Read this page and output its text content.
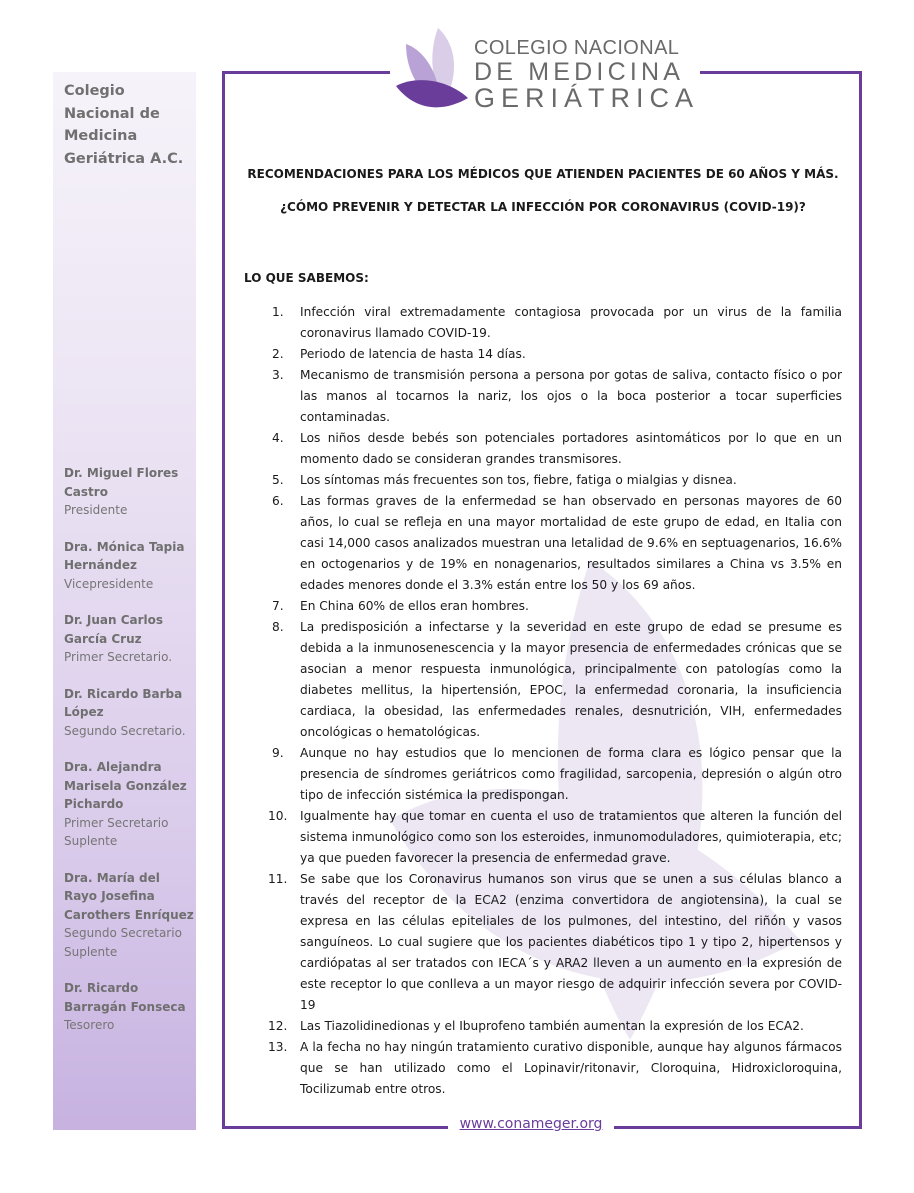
Colegio Nacional de Medicina Geriátrica A.C.
Dr. Miguel Flores Castro
Presidente
Dra. Mónica Tapia Hernández
Vicepresidente
Dr. Juan Carlos García Cruz
Primer Secretario.
Dr. Ricardo Barba López
Segundo Secretario.
Dra. Alejandra Marisela González Pichardo
Primer Secretario Suplente
Dra. María del Rayo Josefina Carothers Enríquez
Segundo Secretario Suplente
Dr. Ricardo Barragán Fonseca
Tesorero
COLEGIO NACIONAL
DE MEDICINA
GERIÁTRICA
RECOMENDACIONES PARA LOS MÉDICOS QUE ATIENDEN PACIENTES DE 60 AÑOS Y MÁS.
¿CÓMO PREVENIR Y DETECTAR LA INFECCIÓN POR CORONAVIRUS (COVID-19)?
LO QUE SABEMOS:
1. Infección viral extremadamente contagiosa provocada por un virus de la familia coronavirus llamado COVID-19.
2. Periodo de latencia de hasta 14 días.
3. Mecanismo de transmisión persona a persona por gotas de saliva, contacto físico o por las manos al tocarnos la nariz, los ojos o la boca posterior a tocar superficies contaminadas.
4. Los niños desde bebés son potenciales portadores asintomáticos por lo que en un momento dado se consideran grandes transmisores.
5. Los síntomas más frecuentes son tos, fiebre, fatiga o mialgias y disnea.
6. Las formas graves de la enfermedad se han observado en personas mayores de 60 años, lo cual se refleja en una mayor mortalidad de este grupo de edad, en Italia con casi 14,000 casos analizados muestran una letalidad de 9.6% en septuagenarios, 16.6% en octogenarios y de 19% en nonagenarios, resultados similares a China vs 3.5% en edades menores donde el 3.3% están entre los 50 y los 69 años.
7. En China 60% de ellos eran hombres.
8. La predisposición a infectarse y la severidad en este grupo de edad se presume es debida a la inmunosenescencia y la mayor presencia de enfermedades crónicas que se asocian a menor respuesta inmunológica, principalmente con patologías como la diabetes mellitus, la hipertensión, EPOC, la enfermedad coronaria, la insuficiencia cardiaca, la obesidad, las enfermedades renales, desnutrición, VIH, enfermedades oncológicas o hematológicas.
9. Aunque no hay estudios que lo mencionen de forma clara es lógico pensar que la presencia de síndromes geriátricos como fragilidad, sarcopenia, depresión o algún otro tipo de infección sistémica la predispongan.
10. Igualmente hay que tomar en cuenta el uso de tratamientos que alteren la función del sistema inmunológico como son los esteroides, inmunomoduladores, quimioterapia, etc; ya que pueden favorecer la presencia de enfermedad grave.
11. Se sabe que los Coronavirus humanos son virus que se unen a sus células blanco a través del receptor de la ECA2 (enzima convertidora de angiotensina), la cual se expresa en las células epiteliales de los pulmones, del intestino, del riñón y vasos sanguíneos. Lo cual sugiere que los pacientes diabéticos tipo 1 y tipo 2, hipertensos y cardiópatas al ser tratados con IECA´s y ARA2 lleven a un aumento en la expresión de este receptor lo que conlleva a un mayor riesgo de adquirir infección severa por COVID-19
12. Las Tiazolidinedionas y el Ibuprofeno también aumentan la expresión de los ECA2.
13. A la fecha no hay ningún tratamiento curativo disponible, aunque hay algunos fármacos que se han utilizado como el Lopinavir/ritonavir, Cloroquina, Hidroxicloroquina, Tocilizumab entre otros.
www.conameger.org
